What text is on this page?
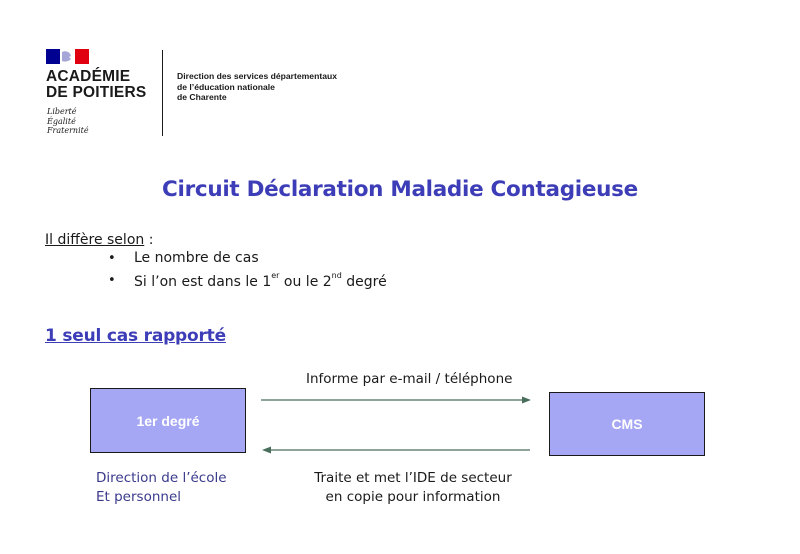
ACADÉMIE
DE POITIERS
Liberté
Égalité
Fraternité
Direction des services départementaux
de l’éducation nationale
de Charente
Circuit Déclaration Maladie Contagieuse
Il diffère selon :
•	Le nombre de cas
•	Si l’on est dans le 1er ou le 2nd degré
1 seul cas rapporté
Informe par e-mail / téléphone
1er degré	CMS
Direction de l’école
Et personnel
Traite et met l’IDE de secteur
en copie pour information
